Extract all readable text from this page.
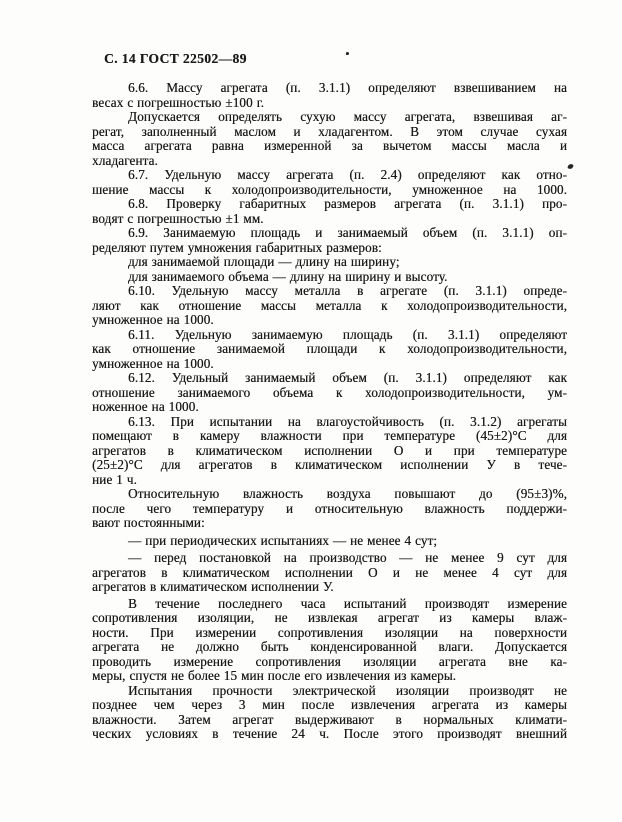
С. 14 ГОСТ 22502—89
6.6. Массу агрегата (п. 3.1.1) определяют взвешиванием на
весах с погрешностью ±100 г.
Допускается определять сухую массу агрегата, взвешивая аг-
регат, заполненный маслом и хладагентом. В этом случае сухая
масса агрегата равна измеренной за вычетом массы масла и
хладагента.
6.7. Удельную массу агрегата (п. 2.4) определяют как отно-
шение массы к холодопроизводительности, умноженное на 1000.
6.8. Проверку габаритных размеров агрегата (п. 3.1.1) про-
водят с погрешностью ±1 мм.
6.9. Занимаемую площадь и занимаемый объем (п. 3.1.1) оп-
ределяют путем умножения габаритных размеров:
для занимаемой площади — длину на ширину;
для занимаемого объема — длину на ширину и высоту.
6.10. Удельную массу металла в агрегате (п. 3.1.1) опреде-
ляют как отношение массы металла к холодопроизводительности,
умноженное на 1000.
6.11. Удельную занимаемую площадь (п. 3.1.1) определяют
как отношение занимаемой площади к холодопроизводительности,
умноженное на 1000.
6.12. Удельный занимаемый объем (п. 3.1.1) определяют как
отношение занимаемого объема к холодопроизводительности, ум-
ноженное на 1000.
6.13. При испытании на влагоустойчивость (п. 3.1.2) агрегаты
помещают в камеру влажности при температуре (45±2)°С для
агрегатов в климатическом исполнении О и при температуре
(25±2)°С для агрегатов в климатическом исполнении У в тече-
ние 1 ч.
Относительную влажность воздуха повышают до (95±3)%,
после чего температуру и относительную влажность поддержи-
вают постоянными:
— при периодических испытаниях — не менее 4 сут;
— перед постановкой на производство — не менее 9 сут для
агрегатов в климатическом исполнении О и не менее 4 сут для
агрегатов в климатическом исполнении У.
В течение последнего часа испытаний производят измерение
сопротивления изоляции, не извлекая агрегат из камеры влаж-
ности. При измерении сопротивления изоляции на поверхности
агрегата не должно быть конденсированной влаги. Допускается
проводить измерение сопротивления изоляции агрегата вне ка-
меры, спустя не более 15 мин после его извлечения из камеры.
Испытания прочности электрической изоляции производят не
позднее чем через 3 мин после извлечения агрегата из камеры
влажности. Затем агрегат выдерживают в нормальных климати-
ческих условиях в течение 24 ч. После этого производят внешний
